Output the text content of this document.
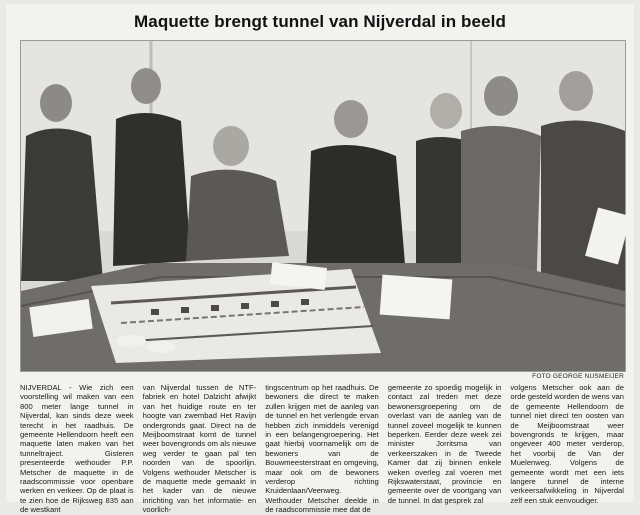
Maquette brengt tunnel van Nijverdal in beeld
FOTO GEORGE NUSMEIJER
NIJVERDAL - Wie zich een voorstelling wil maken van een 800 meter lange tunnel in Nijverdal, kan sinds deze week terecht in het raadhuis. De gemeente Hellendoorn heeft een maquette laten maken van het tunneltraject. Gisteren presenteerde wethouder P.P. Metscher de maquette in de raadscommissie voor openbare werken en verkeer. Op de plaat is te zien hoe de Rijksweg 835 aan de westkant
van Nijverdal tussen de NTF-fabriek en hotel Dalzicht afwijkt van het huidige route en ter hoogte van zwembad Het Ravijn ondergronds gaat. Direct na de Meijboomstraat komt de tunnel weer bovengronds om als nieuwe weg verder te gaan pal ten noorden van de spoorlijn. Volgens wethouder Metscher is de maquette mede gemaakt in het kader van de nieuwe inrichting van het informatie- en voorlich-
tingscentrum op het raadhuis. De bewoners die direct te maken zullen krijgen met de aanleg van de tunnel en het verlengde ervan hebben zich inmiddels verenigd in een belangengroepering. Het gaat hierbij voornamelijk om de bewoners van de Bouwmeesterstraat en omgeving, maar ook om de bewoners verderop richting Kruidenlaan/Veenweg. Wethouder Metscher deelde in de raadscommissie mee dat de
gemeente zo spoedig mogelijk in contact zal treden met deze bewonersgroepering om de overlast van de aanleg van de tunnel zoveel mogelijk te kunnen beperken. Eerder deze week zei minister Jorritsma van verkeerszaken in de Tweede Kamer dat zij binnen enkele weken overleg zal voeren met Rijkswaterstaat, provincie en gemeente over de voortgang van de tunnel. In dat gesprek zal
volgens Metscher ook aan de orde gesteld worden de wens van de gemeente Hellendoorn de tunnel niet direct ten oosten van de Meijboomstraat weer bovengronds te krijgen, maar ongeveer 400 meter verderop, het voorbij de Van der Muelenweg. Volgens de gemeente wordt met een iets langere tunnel de interne verkeersafwikkeling in Nijverdal zelf een stuk eenvoudiger.
